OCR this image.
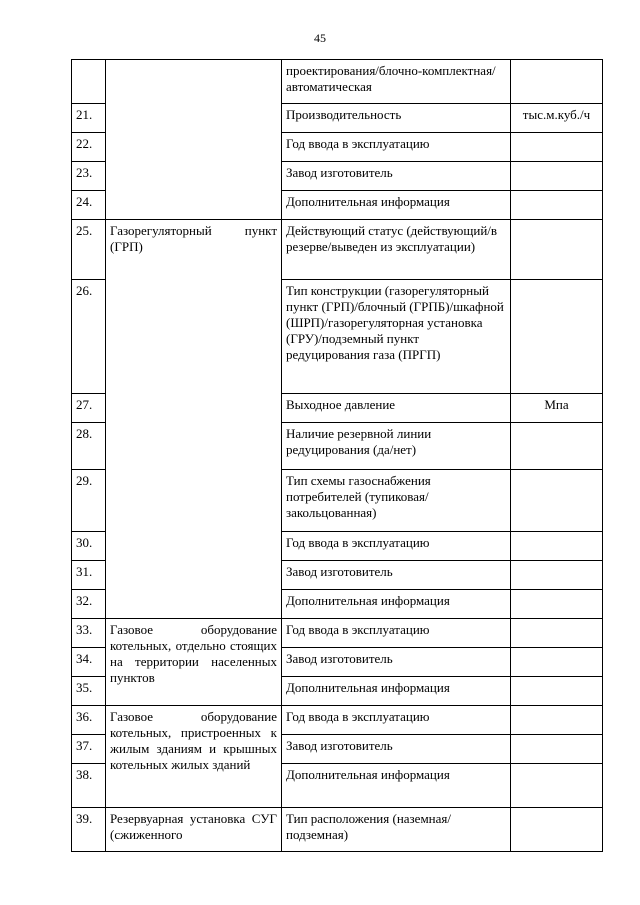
45
		проектирования/блочно-комплектная/автоматическая	
21.		Производительность	тыс.м.куб./ч
22.		Год ввода в эксплуатацию	
23.		Завод изготовитель	
24.		Дополнительная информация	
25.	Газорегуляторный пункт (ГРП)	Действующий статус (действующий/в резерве/выведен из эксплуатации)	
26.		Тип конструкции (газорегуляторный пункт (ГРП)/блочный (ГРПБ)/шкафной (ШРП)/газорегуляторная установка (ГРУ)/подземный пункт редуцирования газа (ПРГП)	
27.		Выходное давление	Мпа
28.		Наличие резервной линии редуцирования (да/нет)	
29.		Тип схемы газоснабжения потребителей (тупиковая/закольцованная)	
30.		Год ввода в эксплуатацию	
31.		Завод изготовитель	
32.		Дополнительная информация	
33.	Газовое оборудование котельных, отдельно стоящих на территории населенных пунктов	Год ввода в эксплуатацию	
34.		Завод изготовитель	
35.		Дополнительная информация	
36.	Газовое оборудование котельных, пристроенных к жилым зданиям и крышных котельных жилых зданий	Год ввода в эксплуатацию	
37.		Завод изготовитель	
38.		Дополнительная информация	
39.	Резервуарная установка СУГ (сжиженного	Тип расположения (наземная/подземная)	
